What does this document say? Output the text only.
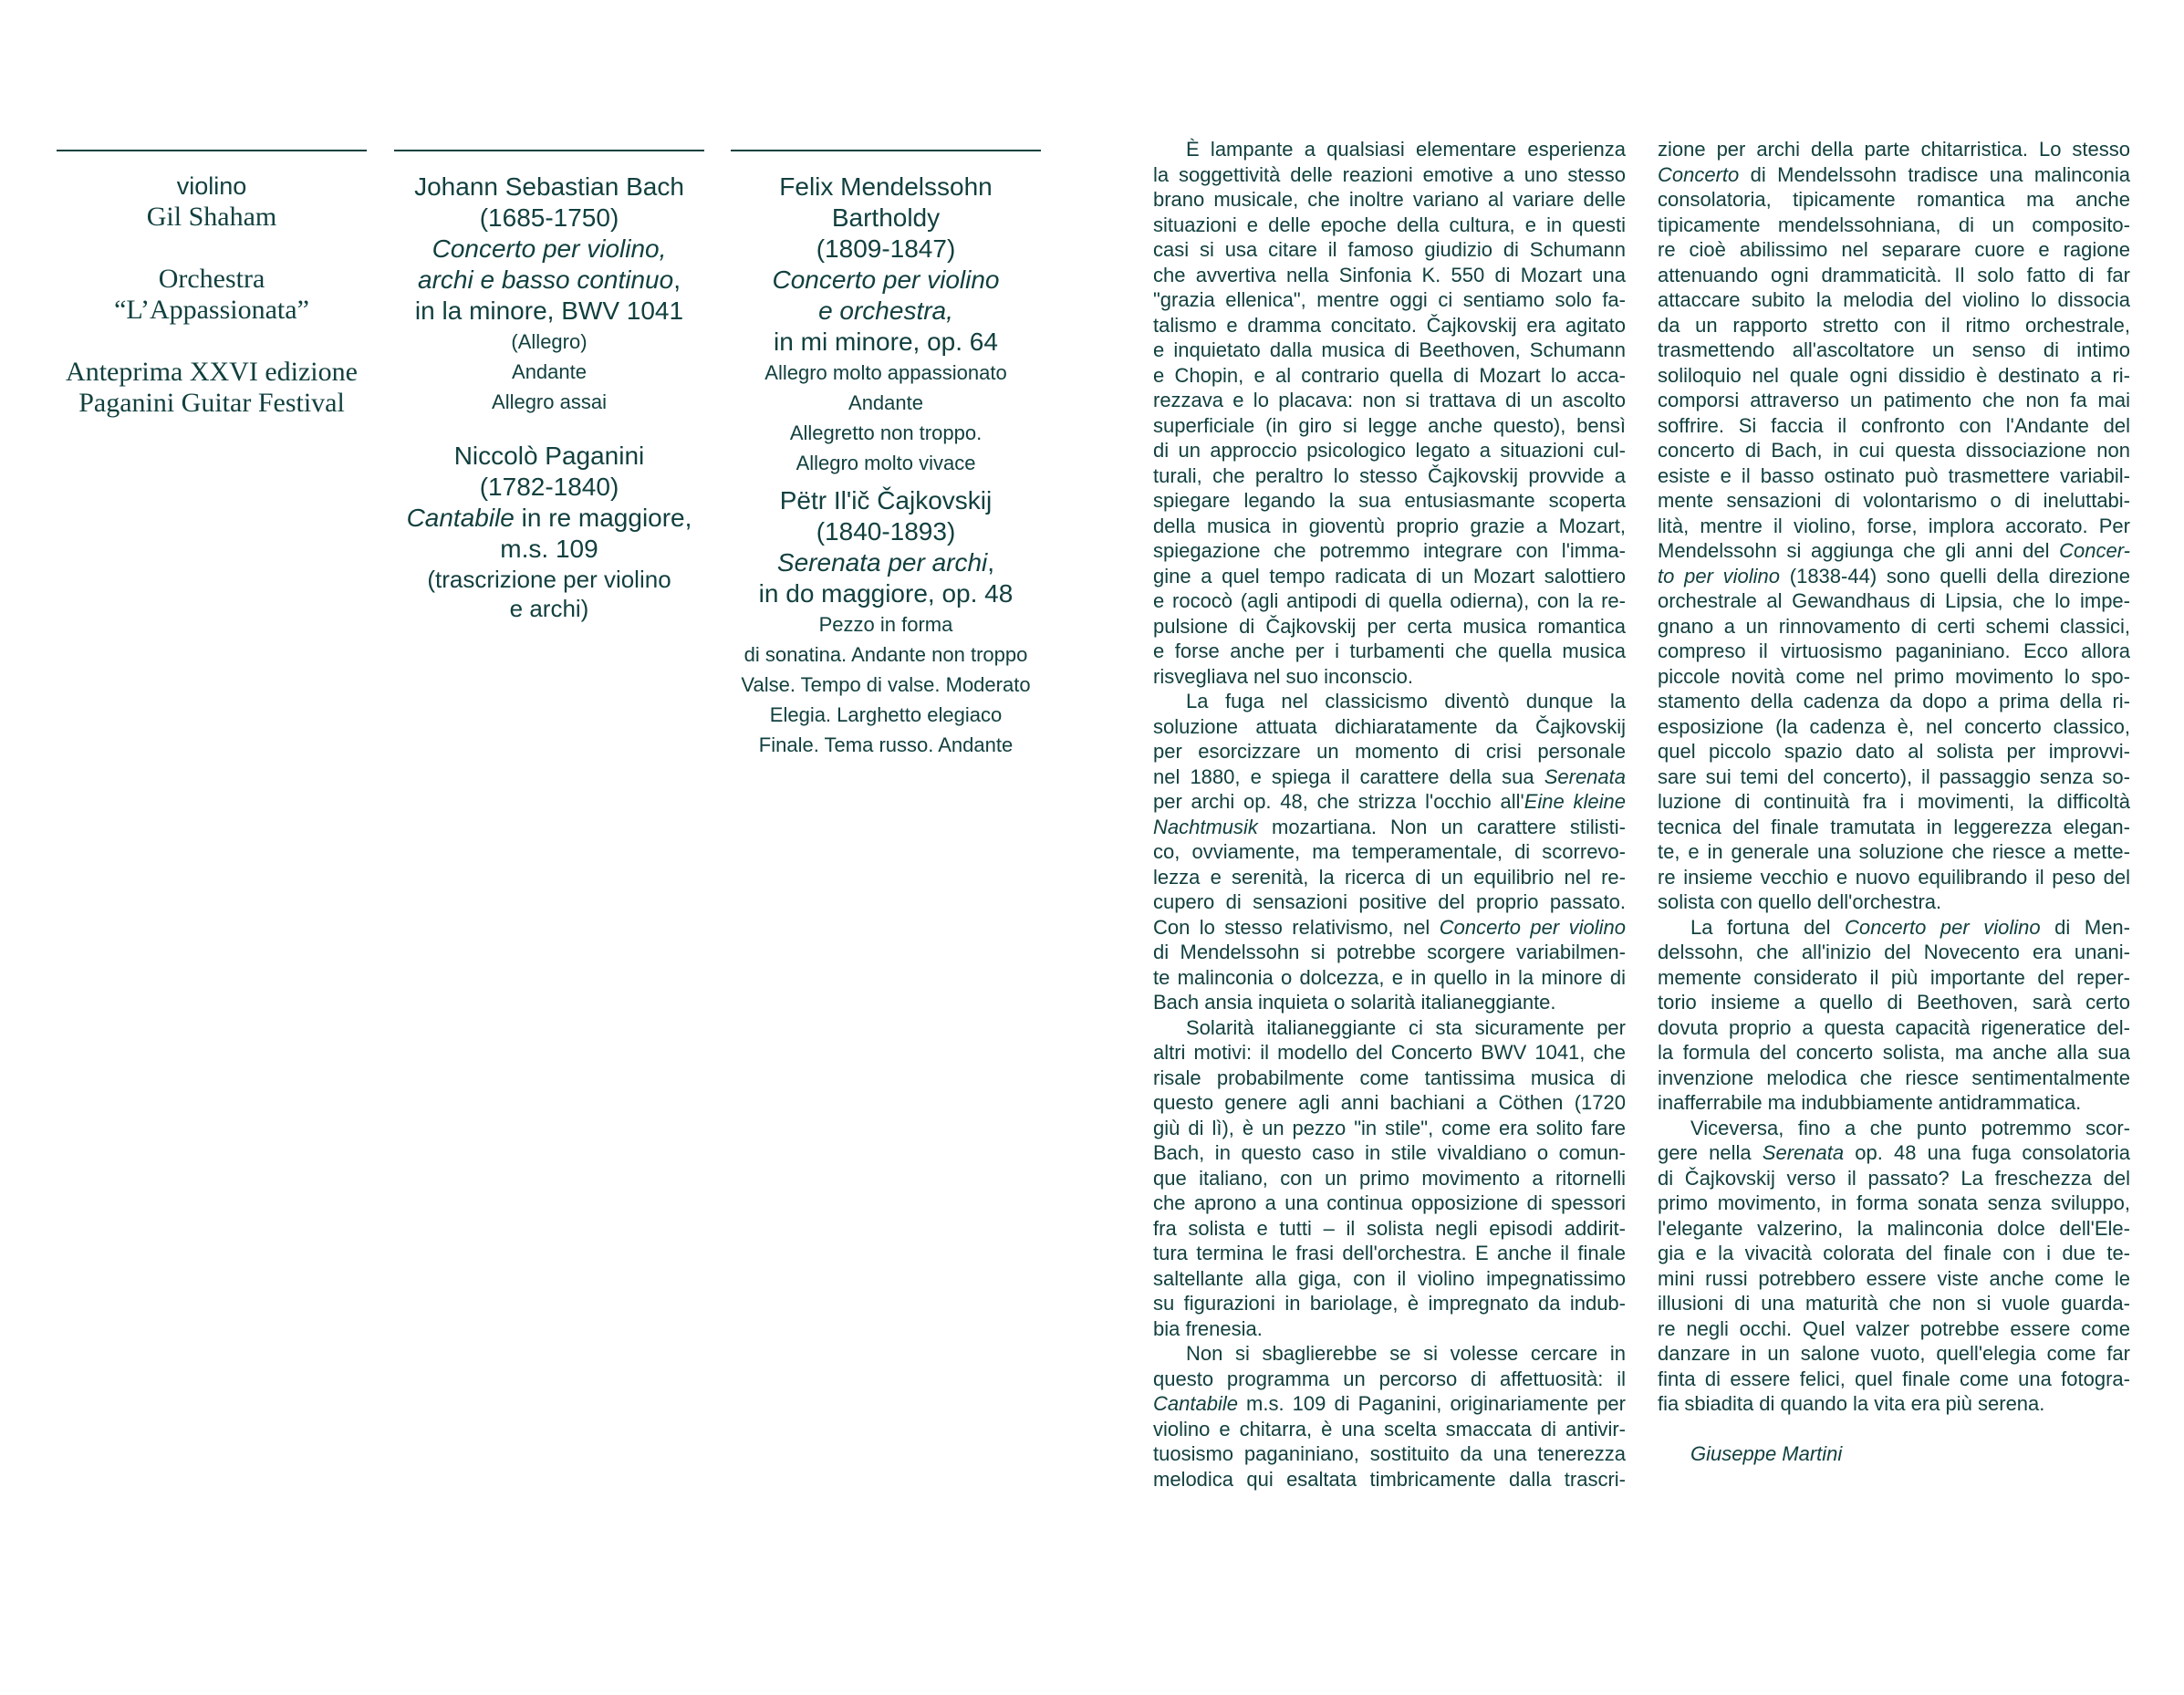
violino
Gil Shaham
Orchestra
“L’Appassionata”
Anteprima XXVI edizione
Paganini Guitar Festival
Johann Sebastian Bach
(1685-1750)
Concerto per violino,
archi e basso continuo,
in la minore, BWV 1041
(Allegro)
Andante
Allegro assai
Niccolò Paganini
(1782-1840)
Cantabile in re maggiore,
m.s. 109
(trascrizione per violino
e archi)
Felix Mendelssohn
Bartholdy
(1809-1847)
Concerto per violino
e orchestra,
in mi minore, op. 64
Allegro molto appassionato
Andante
Allegretto non troppo.
Allegro molto vivace
Pëtr Il'ič Čajkovskij
(1840-1893)
Serenata per archi,
in do maggiore, op. 48
Pezzo in forma
di sonatina. Andante non troppo
Valse. Tempo di valse. Moderato
Elegia. Larghetto elegiaco
Finale. Tema russo. Andante

È lampante a qualsiasi elementare esperienza
la soggettività delle reazioni emotive a uno stesso
brano musicale, che inoltre variano al variare delle
situazioni e delle epoche della cultura, e in questi
casi si usa citare il famoso giudizio di Schumann
che avvertiva nella Sinfonia K. 550 di Mozart una
"grazia ellenica", mentre oggi ci sentiamo solo fa-
talismo e dramma concitato. Čajkovskij era agitato
e inquietato dalla musica di Beethoven, Schumann
e Chopin, e al contrario quella di Mozart lo acca-
rezzava e lo placava: non si trattava di un ascolto
superficiale (in giro si legge anche questo), bensì
di un approccio psicologico legato a situazioni cul-
turali, che peraltro lo stesso Čajkovskij provvide a
spiegare legando la sua entusiasmante scoperta
della musica in gioventù proprio grazie a Mozart,
spiegazione che potremmo integrare con l'imma-
gine a quel tempo radicata di un Mozart salottiero
e rococò (agli antipodi di quella odierna), con la re-
pulsione di Čajkovskij per certa musica romantica
e forse anche per i turbamenti che quella musica
risvegliava nel suo inconscio.

La fuga nel classicismo diventò dunque la
soluzione attuata dichiaratamente da Čajkovskij
per esorcizzare un momento di crisi personale
nel 1880, e spiega il carattere della sua Serenata
per archi op. 48, che strizza l'occhio all'Eine kleine
Nachtmusik mozartiana. Non un carattere stilisti-
co, ovviamente, ma temperamentale, di scorrevo-
lezza e serenità, la ricerca di un equilibrio nel re-
cupero di sensazioni positive del proprio passato.
Con lo stesso relativismo, nel Concerto per violino
di Mendelssohn si potrebbe scorgere variabilmen-
te malinconia o dolcezza, e in quello in la minore di
Bach ansia inquieta o solarità italianeggiante.

Solarità italianeggiante ci sta sicuramente per
altri motivi: il modello del Concerto BWV 1041, che
risale probabilmente come tantissima musica di
questo genere agli anni bachiani a Cöthen (1720
giù di lì), è un pezzo "in stile", come era solito fare
Bach, in questo caso in stile vivaldiano o comun-
que italiano, con un primo movimento a ritornelli
che aprono a una continua opposizione di spessori
fra solista e tutti – il solista negli episodi addirit-
tura termina le frasi dell'orchestra. E anche il finale
saltellante alla giga, con il violino impegnatissimo
su figurazioni in bariolage, è impregnato da indub-
bia frenesia.

Non si sbaglierebbe se si volesse cercare in
questo programma un percorso di affettuosità: il
Cantabile m.s. 109 di Paganini, originariamente per
violino e chitarra, è una scelta smaccata di antivir-
tuosismo paganiniano, sostituito da una tenerezza
melodica qui esaltata timbricamente dalla trascri-

zione per archi della parte chitarristica. Lo stesso
Concerto di Mendelssohn tradisce una malinconia
consolatoria, tipicamente romantica ma anche
tipicamente mendelssohniana, di un composito-
re cioè abilissimo nel separare cuore e ragione
attenuando ogni drammaticità. Il solo fatto di far
attaccare subito la melodia del violino lo dissocia
da un rapporto stretto con il ritmo orchestrale,
trasmettendo all'ascoltatore un senso di intimo
soliloquio nel quale ogni dissidio è destinato a ri-
comporsi attraverso un patimento che non fa mai
soffrire. Si faccia il confronto con l'Andante del
concerto di Bach, in cui questa dissociazione non
esiste e il basso ostinato può trasmettere variabil-
mente sensazioni di volontarismo o di ineluttabi-
lità, mentre il violino, forse, implora accorato. Per
Mendelssohn si aggiunga che gli anni del Concer-
to per violino (1838-44) sono quelli della direzione
orchestrale al Gewandhaus di Lipsia, che lo impe-
gnano a un rinnovamento di certi schemi classici,
compreso il virtuosismo paganiniano. Ecco allora
piccole novità come nel primo movimento lo spo-
stamento della cadenza da dopo a prima della ri-
esposizione (la cadenza è, nel concerto classico,
quel piccolo spazio dato al solista per improvvi-
sare sui temi del concerto), il passaggio senza so-
luzione di continuità fra i movimenti, la difficoltà
tecnica del finale tramutata in leggerezza elegan-
te, e in generale una soluzione che riesce a mette-
re insieme vecchio e nuovo equilibrando il peso del
solista con quello dell'orchestra.

La fortuna del Concerto per violino di Men-
delssohn, che all'inizio del Novecento era unani-
memente considerato il più importante del reper-
torio insieme a quello di Beethoven, sarà certo
dovuta proprio a questa capacità rigeneratice del-
la formula del concerto solista, ma anche alla sua
invenzione melodica che riesce sentimentalmente
inafferrabile ma indubbiamente antidrammatica.

Viceversa, fino a che punto potremmo scor-
gere nella Serenata op. 48 una fuga consolatoria
di Čajkovskij verso il passato? La freschezza del
primo movimento, in forma sonata senza sviluppo,
l'elegante valzerino, la malinconia dolce dell'Ele-
gia e la vivacità colorata del finale con i due te-
mini russi potrebbero essere viste anche come le
illusioni di una maturità che non si vuole guarda-
re negli occhi. Quel valzer potrebbe essere come
danzare in un salone vuoto, quell'elegia come far
finta di essere felici, quel finale come una fotogra-
fia sbiadita di quando la vita era più serena.

Giuseppe Martini
